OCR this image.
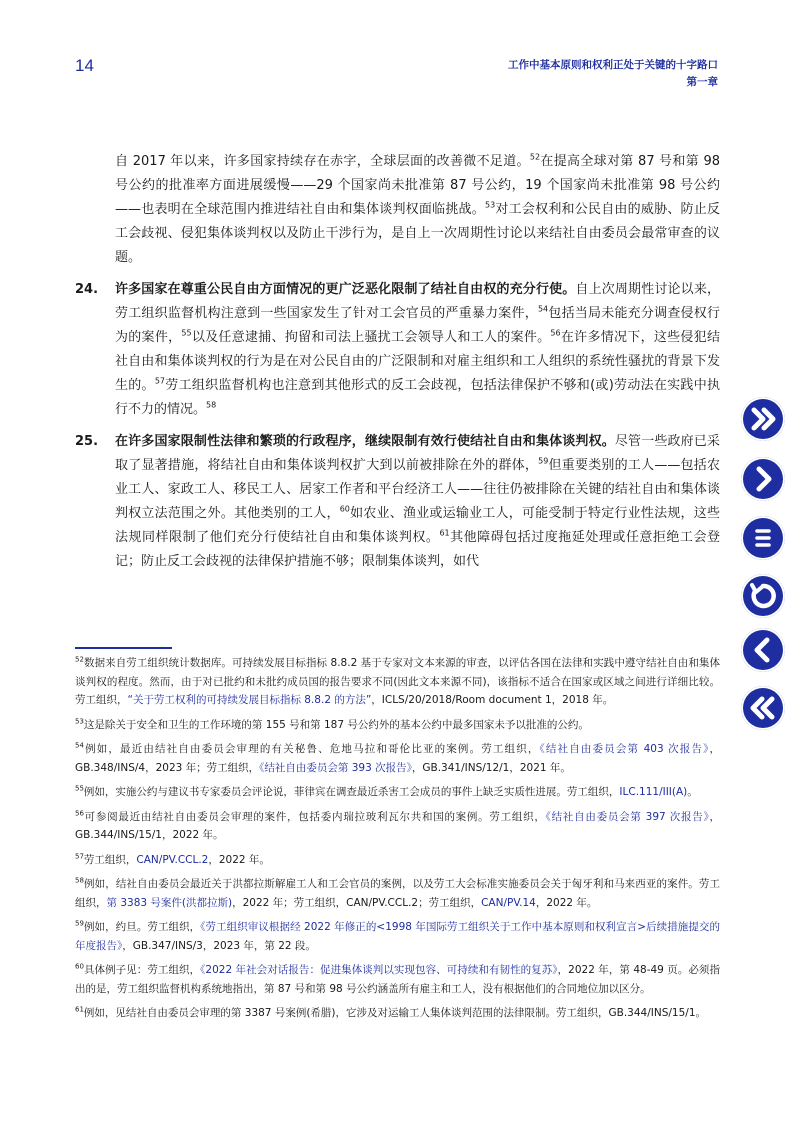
14	工作中基本原则和权利正处于关键的十字路口
第一章

自 2017 年以来，许多国家持续存在赤字，全球层面的改善微不足道。$^{52}$在提高全球对第 87 号和第 98 号公约的批准率方面进展缓慢——29 个国家尚未批准第 87 号公约，19 个国家尚未批准第 98 号公约——也表明在全球范围内推进结社自由和集体谈判权面临挑战。$^{53}$对工会权利和公民自由的威胁、防止反工会歧视、侵犯集体谈判权以及防止干涉行为，是自上一次周期性讨论以来结社自由委员会最常审查的议题。

24. 许多国家在尊重公民自由方面情况的更广泛恶化限制了结社自由权的充分行使。自上次周期性讨论以来，劳工组织监督机构注意到一些国家发生了针对工会官员的严重暴力案件，$^{54}$包括当局未能充分调查侵权行为的案件，$^{55}$以及任意逮捕、拘留和司法上骚扰工会领导人和工人的案件。$^{56}$在许多情况下，这些侵犯结社自由和集体谈判权的行为是在对公民自由的广泛限制和对雇主组织和工人组织的系统性骚扰的背景下发生的。$^{57}$劳工组织监督机构也注意到其他形式的反工会歧视，包括法律保护不够和(或)劳动法在实践中执行不力的情况。$^{58}$

25. 在许多国家限制性法律和繁琐的行政程序，继续限制有效行使结社自由和集体谈判权。尽管一些政府已采取了显著措施，将结社自由和集体谈判权扩大到以前被排除在外的群体，$^{59}$但重要类别的工人——包括农业工人、家政工人、移民工人、居家工作者和平台经济工人——往往仍被排除在关键的结社自由和集体谈判权立法范围之外。其他类别的工人，$^{60}$如农业、渔业或运输业工人，可能受制于特定行业性法规，这些法规同样限制了他们充分行使结社自由和集体谈判权。$^{61}$其他障碍包括过度拖延处理或任意拒绝工会登记；防止反工会歧视的法律保护措施不够；限制集体谈判，如代

$^{52}$数据来自劳工组织统计数据库。可持续发展目标指标 8.8.2 基于专家对文本来源的审查，以评估各国在法律和实践中遵守结社自由和集体谈判权的程度。然而，由于对已批约和未批约成员国的报告要求不同(因此文本来源不同)，该指标不适合在国家或区域之间进行详细比较。劳工组织，“关于劳工权利的可持续发展目标指标 8.8.2 的方法”，ICLS/20/2018/Room document 1，2018 年。

$^{53}$这是除关于安全和卫生的工作环境的第 155 号和第 187 号公约外的基本公约中最多国家未予以批准的公约。

$^{54}$例如，最近由结社自由委员会审理的有关秘鲁、危地马拉和哥伦比亚的案例。劳工组织，《结社自由委员会第 403 次报告》，GB.348/INS/4，2023 年；劳工组织，《结社自由委员会第 393 次报告》，GB.341/INS/12/1，2021 年。

$^{55}$例如，实施公约与建议书专家委员会评论说，菲律宾在调查最近杀害工会成员的事件上缺乏实质性进展。劳工组织，ILC.111/III(A)。

$^{56}$可参阅最近由结社自由委员会审理的案件，包括委内瑞拉玻利瓦尔共和国的案例。劳工组织，《结社自由委员会第 397 次报告》，GB.344/INS/15/1，2022 年。

$^{57}$劳工组织，CAN/PV.CCL.2，2022 年。

$^{58}$例如，结社自由委员会最近关于洪都拉斯解雇工人和工会官员的案例，以及劳工大会标准实施委员会关于匈牙利和马来西亚的案件。劳工组织，第 3383 号案件(洪都拉斯)，2022 年；劳工组织，CAN/PV.CCL.2；劳工组织，CAN/PV.14，2022 年。

$^{59}$例如，约旦。劳工组织，《劳工组织审议根据经 2022 年修正的<1998 年国际劳工组织关于工作中基本原则和权利宣言>后续措施提交的年度报告》，GB.347/INS/3，2023 年，第 22 段。

$^{60}$具体例子见：劳工组织，《2022 年社会对话报告：促进集体谈判以实现包容、可持续和有韧性的复苏》，2022 年，第 48-49 页。必须指出的是，劳工组织监督机构系统地指出，第 87 号和第 98 号公约涵盖所有雇主和工人，没有根据他们的合同地位加以区分。

$^{61}$例如，见结社自由委员会审理的第 3387 号案例(希腊)，它涉及对运输工人集体谈判范围的法律限制。劳工组织，GB.344/INS/15/1。
